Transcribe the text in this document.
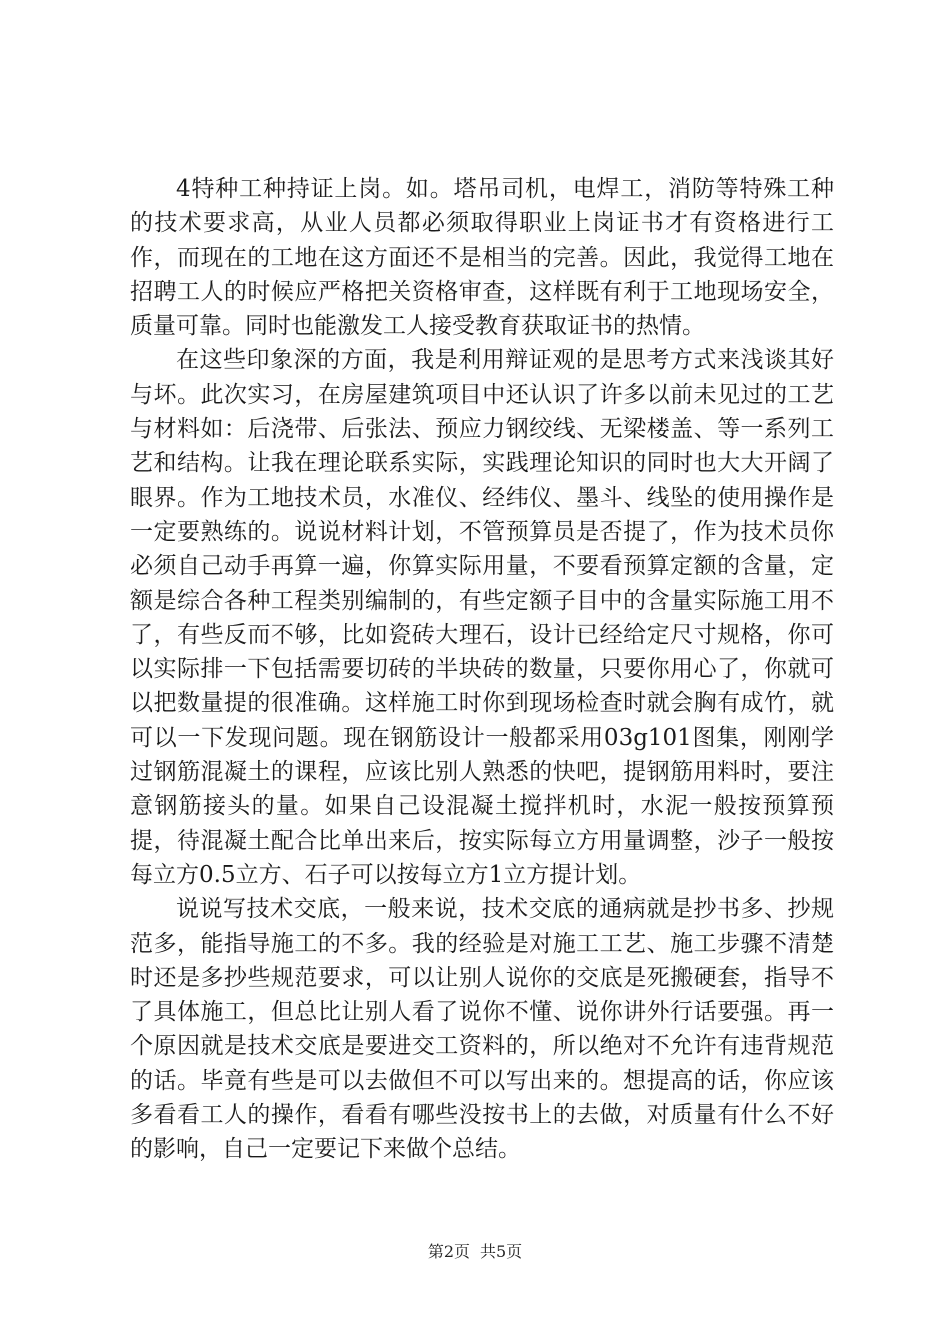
4特种工种持证上岗。如。塔吊司机，电焊工，消防等特殊工种的技术要求高，从业人员都必须取得职业上岗证书才有资格进行工作，而现在的工地在这方面还不是相当的完善。因此，我觉得工地在招聘工人的时候应严格把关资格审查，这样既有利于工地现场安全，质量可靠。同时也能激发工人接受教育获取证书的热情。

在这些印象深的方面，我是利用辩证观的是思考方式来浅谈其好与坏。此次实习，在房屋建筑项目中还认识了许多以前未见过的工艺与材料如：后浇带、后张法、预应力钢绞线、无梁楼盖、等一系列工艺和结构。让我在理论联系实际，实践理论知识的同时也大大开阔了眼界。作为工地技术员，水准仪、经纬仪、墨斗、线坠的使用操作是一定要熟练的。说说材料计划，不管预算员是否提了，作为技术员你必须自己动手再算一遍，你算实际用量，不要看预算定额的含量，定额是综合各种工程类别编制的，有些定额子目中的含量实际施工用不了，有些反而不够，比如瓷砖大理石，设计已经给定尺寸规格，你可以实际排一下包括需要切砖的半块砖的数量，只要你用心了，你就可以把数量提的很准确。这样施工时你到现场检查时就会胸有成竹，就可以一下发现问题。现在钢筋设计一般都采用03g101图集，刚刚学过钢筋混凝土的课程，应该比别人熟悉的快吧，提钢筋用料时，要注意钢筋接头的量。如果自己设混凝土搅拌机时，水泥一般按预算预提，待混凝土配合比单出来后，按实际每立方用量调整，沙子一般按每立方0.5立方、石子可以按每立方1立方提计划。

说说写技术交底，一般来说，技术交底的通病就是抄书多、抄规范多，能指导施工的不多。我的经验是对施工工艺、施工步骤不清楚时还是多抄些规范要求，可以让别人说你的交底是死搬硬套，指导不了具体施工，但总比让别人看了说你不懂、说你讲外行话要强。再一个原因就是技术交底是要进交工资料的，所以绝对不允许有违背规范的话。毕竟有些是可以去做但不可以写出来的。想提高的话，你应该多看看工人的操作，看看有哪些没按书上的去做，对质量有什么不好的影响，自己一定要记下来做个总结。

第2页 共5页
